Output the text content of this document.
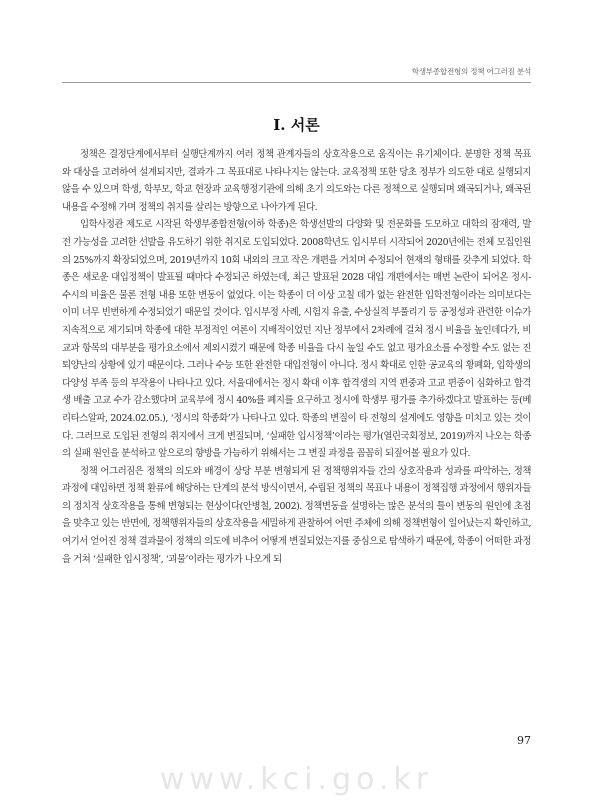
학생부종합전형의 정책 어그러짐 분석
Ⅰ. 서론

정책은 결정단계에서부터 실행단계까지 여러 정책 관계자들의 상호작용으로 움직이는 유기체이다. 분명한 정책 목표와 대상을 고려하여 설계되지만, 결과가 그 목표대로 나타나지는 않는다. 교육정책 또한 당초 정부가 의도한 대로 실행되지 않을 수 있으며 학생, 학부모, 학교 현장과 교육행정기관에 의해 초기 의도와는 다른 정책으로 실행되며 왜곡되거나, 왜곡된 내용을 수정해 가며 정책의 취지를 살리는 방향으로 나아가게 된다.

입학사정관 제도로 시작된 학생부종합전형(이하 학종)은 학생선발의 다양화 및 전문화를 도모하고 대학의 잠재력, 발전 가능성을 고려한 선발을 유도하기 위한 취지로 도입되었다. 2008학년도 입시부터 시작되어 2020년에는 전체 모집인원의 25%까지 확장되었으며, 2019년까지 10회 내외의 크고 작은 개편을 거치며 수정되어 현재의 형태를 갖추게 되었다. 학종은 새로운 대입정책이 발표될 때마다 수정되곤 하였는데, 최근 발표된 2028 대입 개편에서는 매번 논란이 되어온 정시-수시의 비율은 물론 전형 내용 또한 변동이 없었다. 이는 학종이 더 이상 고칠 데가 없는 완전한 입학전형이라는 의미보다는 이미 너무 빈번하게 수정되었기 때문일 것이다. 입시부정 사례, 시험지 유출, 수상실적 부풀리기 등 공정성과 관련한 이슈가 지속적으로 제기되며 학종에 대한 부정적인 여론이 지배적이었던 지난 정부에서 2차례에 걸쳐 정시 비율을 높인데다가, 비교과 항목의 대부분을 평가요소에서 제외시켰기 때문에 학종 비율을 다시 높일 수도 없고 평가요소를 수정할 수도 없는 진퇴양난의 상황에 있기 때문이다. 그러나 수능 또한 완전한 대입전형이 아니다. 정시 확대로 인한 공교육의 황폐화, 입학생의 다양성 부족 등의 부작용이 나타나고 있다. 서울대에서는 정시 확대 이후 합격생의 지역 편중과 고교 편중이 심화하고 합격생 배출 고교 수가 감소했다며 교육부에 정시 40%를 폐지를 요구하고 정시에 학생부 평가를 추가하겠다고 발표하는 등(베리타스알파, 2024.02.05.), ‘정시의 학종화’가 나타나고 있다. 학종의 변질이 타 전형의 설계에도 영향을 미치고 있는 것이다. 그러므로 도입된 전형의 취지에서 크게 변질되며, ‘실패한 입시정책’이라는 평가(열린국회정보, 2019)까지 나오는 학종의 실패 원인을 분석하고 앞으로의 향방을 가늠하기 위해서는 그 변질 과정을 꼼꼼히 되짚어볼 필요가 있다.

정책 어그러짐은 정책의 의도와 배경이 상당 부분 변형되게 된 정책행위자들 간의 상호작용과 성과를 파악하는, 정책과정에 대입하면 정책 환류에 해당하는 단계의 분석 방식이면서, 수립된 정책의 목표나 내용이 정책집행 과정에서 행위자들의 정치적 상호작용을 통해 변형되는 현상이다(안병철, 2002). 정책변동을 설명하는 많은 분석의 틀이 변동의 원인에 초점을 맞추고 있는 반면에, 정책행위자들의 상호작용을 세밀하게 관찰하여 어떤 주체에 의해 정책변형이 일어났는지 확인하고, 여기서 얻어진 정책 결과물이 정책의 의도에 비추어 어떻게 변질되었는지를 중심으로 탐색하기 때문에, 학종이 어떠한 과정을 거쳐 ‘실패한 입시정책’, ‘괴물’이라는 평가가 나오게 되

97
www.kci.go.kr
